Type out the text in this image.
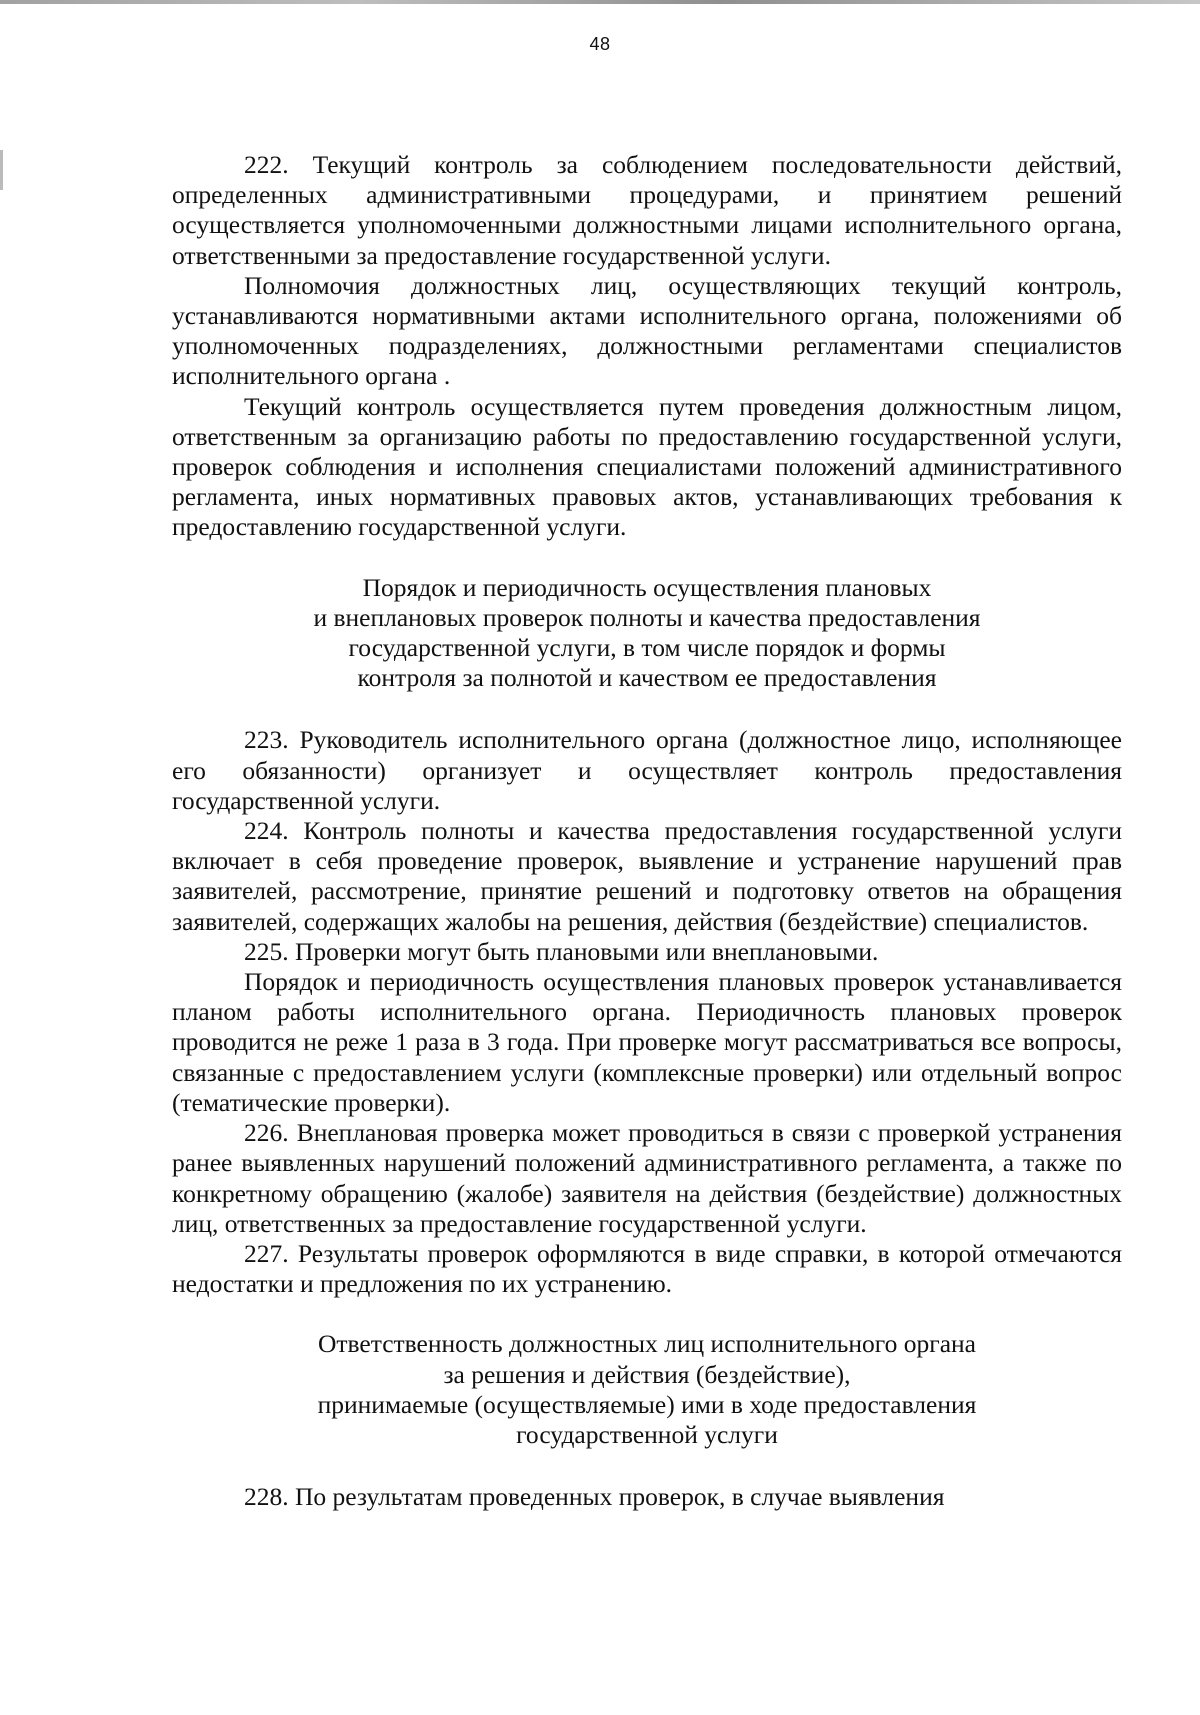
48

222. Текущий контроль за соблюдением последовательности действий, определенных административными процедурами, и принятием решений осуществляется уполномоченными должностными лицами исполнительного органа, ответственными за предоставление государственной услуги.

Полномочия должностных лиц, осуществляющих текущий контроль, устанавливаются нормативными актами исполнительного органа, положениями об уполномоченных подразделениях, должностными регламентами специалистов исполнительного органа .

Текущий контроль осуществляется путем проведения должностным лицом, ответственным за организацию работы по предоставлению государственной услуги, проверок соблюдения и исполнения специалистами положений административного регламента, иных нормативных правовых актов, устанавливающих требования к предоставлению государственной услуги.

Порядок и периодичность осуществления плановых
и внеплановых проверок полноты и качества предоставления
государственной услуги, в том числе порядок и формы
контроля за полнотой и качеством ее предоставления

223. Руководитель исполнительного органа (должностное лицо, исполняющее его обязанности) организует и осуществляет контроль предоставления государственной услуги.

224. Контроль полноты и качества предоставления государственной услуги включает в себя проведение проверок, выявление и устранение нарушений прав заявителей, рассмотрение, принятие решений и подготовку ответов на обращения заявителей, содержащих жалобы на решения, действия (бездействие) специалистов.

225. Проверки могут быть плановыми или внеплановыми.

Порядок и периодичность осуществления плановых проверок устанавливается планом работы исполнительного органа. Периодичность плановых проверок проводится не реже 1 раза в 3 года. При проверке могут рассматриваться все вопросы, связанные с предоставлением услуги (комплексные проверки) или отдельный вопрос (тематические проверки).

226. Внеплановая проверка может проводиться в связи с проверкой устранения ранее выявленных нарушений положений административного регламента, а также по конкретному обращению (жалобе) заявителя на действия (бездействие) должностных лиц, ответственных за предоставление государственной услуги.

227. Результаты проверок оформляются в виде справки, в которой отмечаются недостатки и предложения по их устранению.

Ответственность должностных лиц исполнительного органа
за решения и действия (бездействие),
принимаемые (осуществляемые) ими в ходе предоставления
государственной услуги

228. По результатам проведенных проверок, в случае выявления
